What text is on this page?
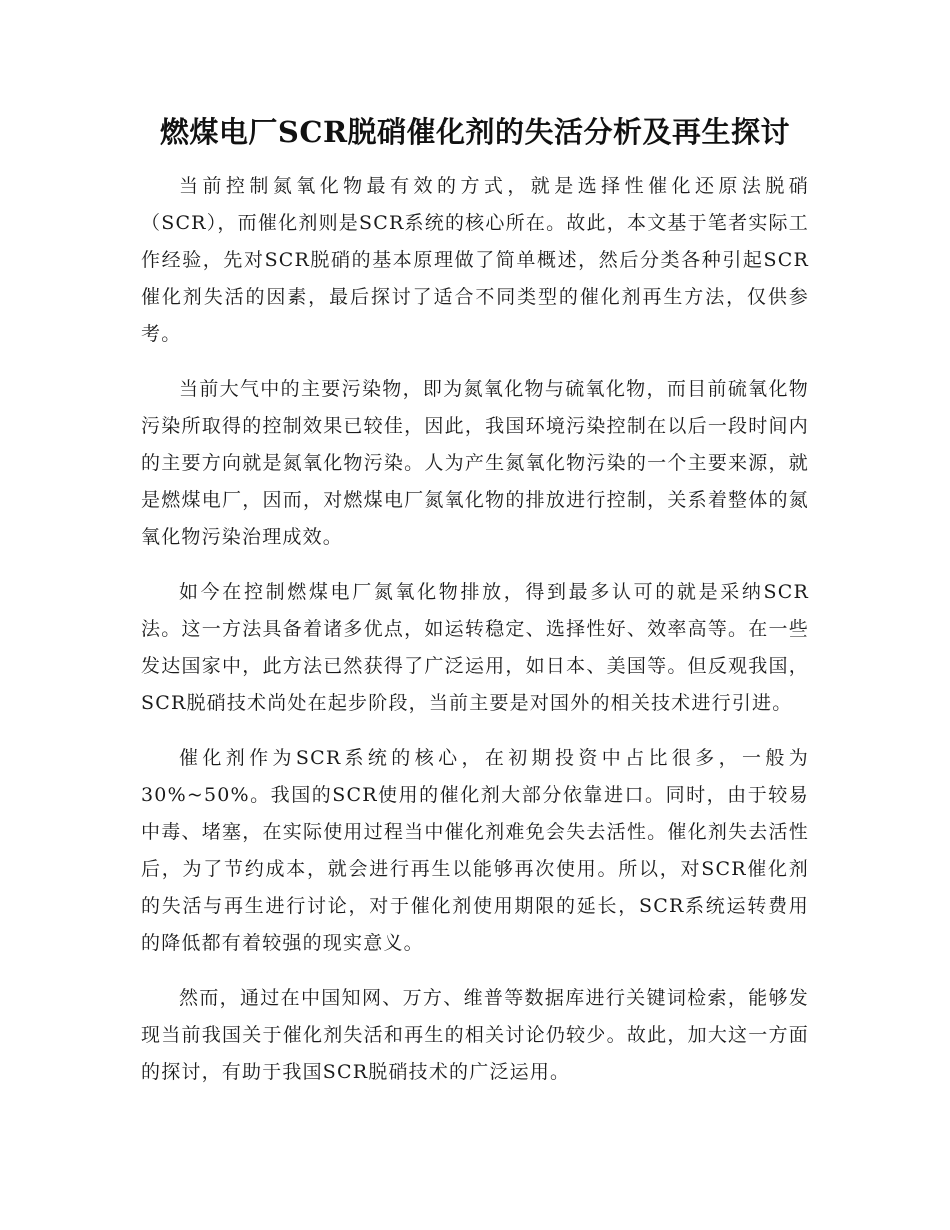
燃煤电厂SCR脱硝催化剂的失活分析及再生探讨

当前控制氮氧化物最有效的方式，就是选择性催化还原法脱硝（SCR），而催化剂则是SCR系统的核心所在。故此，本文基于笔者实际工作经验，先对SCR脱硝的基本原理做了简单概述，然后分类各种引起SCR催化剂失活的因素，最后探讨了适合不同类型的催化剂再生方法，仅供参考。

当前大气中的主要污染物，即为氮氧化物与硫氧化物，而目前硫氧化物污染所取得的控制效果已较佳，因此，我国环境污染控制在以后一段时间内的主要方向就是氮氧化物污染。人为产生氮氧化物污染的一个主要来源，就是燃煤电厂，因而，对燃煤电厂氮氧化物的排放进行控制，关系着整体的氮氧化物污染治理成效。

如今在控制燃煤电厂氮氧化物排放，得到最多认可的就是采纳SCR法。这一方法具备着诸多优点，如运转稳定、选择性好、效率高等。在一些发达国家中，此方法已然获得了广泛运用，如日本、美国等。但反观我国，SCR脱硝技术尚处在起步阶段，当前主要是对国外的相关技术进行引进。

催化剂作为SCR系统的核心，在初期投资中占比很多，一般为30%~50%。我国的SCR使用的催化剂大部分依靠进口。同时，由于较易中毒、堵塞，在实际使用过程当中催化剂难免会失去活性。催化剂失去活性后，为了节约成本，就会进行再生以能够再次使用。所以，对SCR催化剂的失活与再生进行讨论，对于催化剂使用期限的延长，SCR系统运转费用的降低都有着较强的现实意义。

然而，通过在中国知网、万方、维普等数据库进行关键词检索，能够发现当前我国关于催化剂失活和再生的相关讨论仍较少。故此，加大这一方面的探讨，有助于我国SCR脱硝技术的广泛运用。
